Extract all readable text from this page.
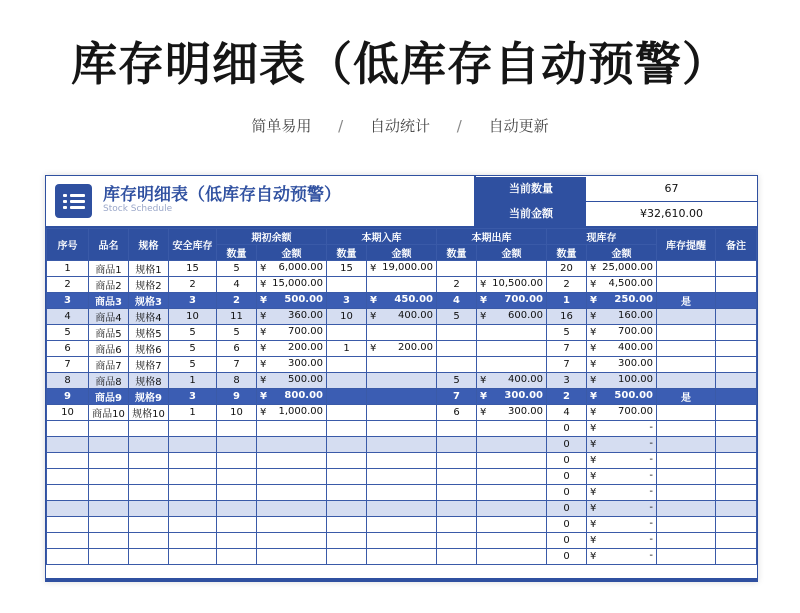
库存明细表（低库存自动预警）
简单易用 / 自动统计 / 自动更新
库存明细表（低库存自动预警）
Stock Schedule
当前数量	67
当前金额	¥32,610.00
序号	品名	规格	安全库存	期初余额		本期入库		本期出库		现库存		库存提醒	备注
				数量	金额	数量	金额	数量	金额	数量	金额		
1	商品1	规格1	15	5	¥ 6,000.00	15	¥ 19,000.00			20	¥ 25,000.00		

2	商品2	规格2	2	4	¥ 15,000.00			2	¥ 10,500.00	2	¥ 4,500.00		

3	商品3	规格3	3	2	¥ 500.00	3	¥ 450.00	4	¥ 700.00	1	¥ 250.00	是	
4	商品4	规格4	10	11	¥ 360.00	10	¥ 400.00	5	¥ 600.00	16	¥ 160.00		

5	商品5	规格5	5	5	¥ 700.00					5	¥ 700.00		

6	商品6	规格6	5	6	¥ 200.00	1	¥ 200.00			7	¥ 400.00		

7	商品7	规格7	5	7	¥ 300.00					7	¥ 300.00		

8	商品8	规格8	1	8	¥ 500.00			5	¥ 400.00	3	¥ 100.00		

9	商品9	规格9	3	9	¥ 800.00			7	¥ 300.00	2	¥ 500.00	是	
10	商品10	规格10	1	10	¥ 1,000.00			6	¥ 300.00	4	¥ 700.00		

										0	¥ -		

										0	¥ -		

										0	¥ -		

										0	¥ -		

										0	¥ -		

										0	¥ -		

										0	¥ -		

										0	¥ -		

										0	¥ -		
